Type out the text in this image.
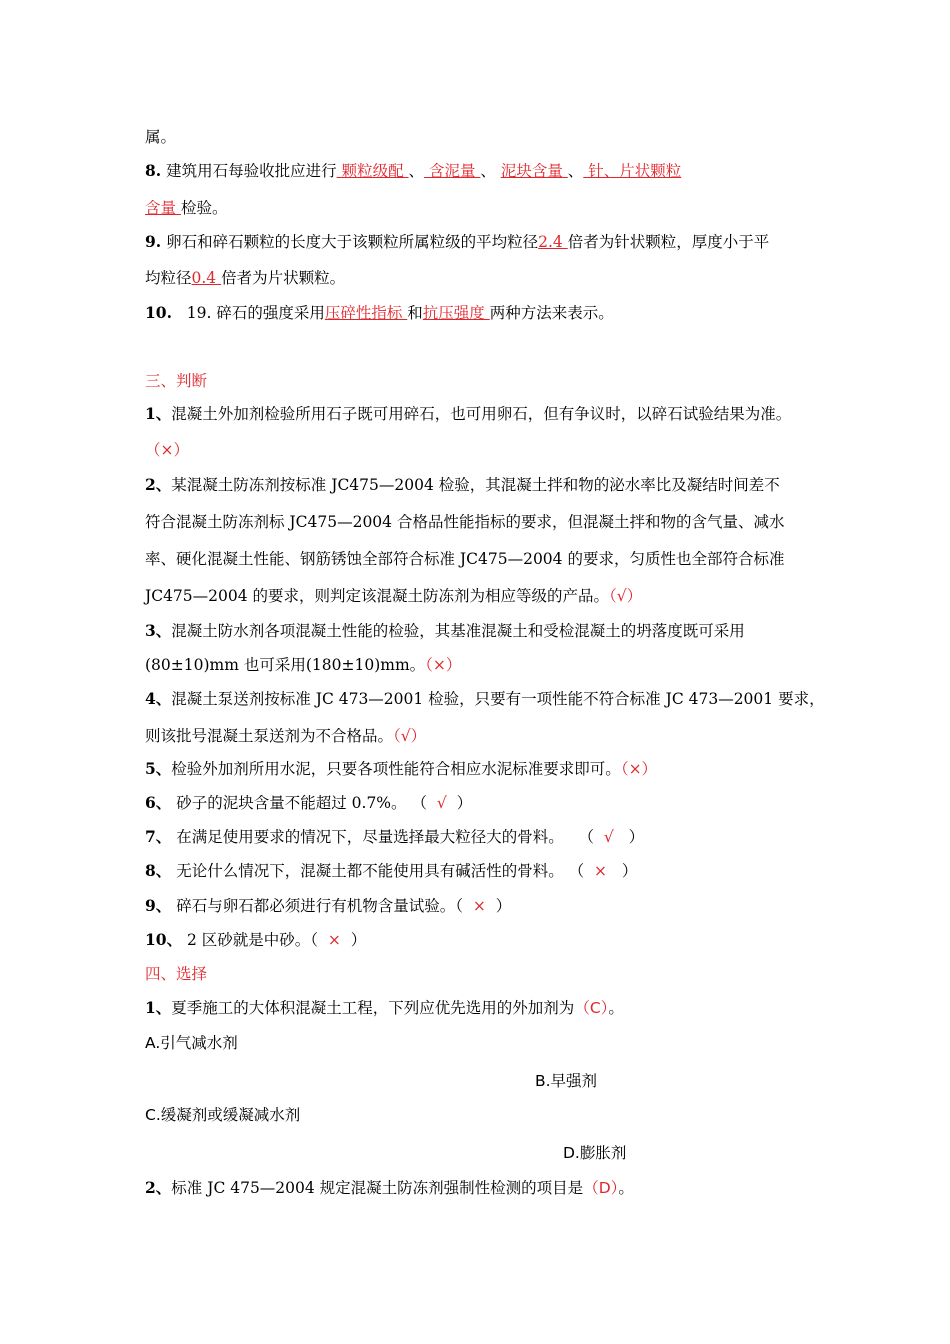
属。
8. 建筑用石每验收批应进行 颗粒级配 、 含泥量 、 泥块含量 、 针、片状颗粒
含量 检验。
9. 卵石和碎石颗粒的长度大于该颗粒所属粒级的平均粒径2.4 倍者为针状颗粒，厚度小于平
均粒径0.4 倍者为片状颗粒。
10. 19. 碎石的强度采用压碎性指标 和抗压强度 两种方法来表示。
三、判断
1、混凝土外加剂检验所用石子既可用碎石，也可用卵石，但有争议时，以碎石试验结果为准。
（×）
2、某混凝土防冻剂按标准 JC475—2004 检验，其混凝土拌和物的泌水率比及凝结时间差不
符合混凝土防冻剂标 JC475—2004 合格品性能指标的要求，但混凝土拌和物的含气量、减水
率、硬化混凝土性能、钢筋锈蚀全部符合标准 JC475—2004 的要求，匀质性也全部符合标准
JC475—2004 的要求，则判定该混凝土防冻剂为相应等级的产品。（√）
3、混凝土防水剂各项混凝土性能的检验，其基准混凝土和受检混凝土的坍落度既可采用
(80±10)mm 也可采用(180±10)mm。（×）
4、混凝土泵送剂按标准 JC 473—2001 检验，只要有一项性能不符合标准 JC 473—2001 要求，
则该批号混凝土泵送剂为不合格品。（√）
5、检验外加剂所用水泥，只要各项性能符合相应水泥标准要求即可。（×）
6、 砂子的泥块含量不能超过 0.7%。 （ √ ）
7、 在满足使用要求的情况下，尽量选择最大粒径大的骨料。 （ √ ）
8、 无论什么情况下，混凝土都不能使用具有碱活性的骨料。 （ × ）
9、 碎石与卵石都必须进行有机物含量试验。（ × ）
10、 2 区砂就是中砂。（ × ）
四、选择
1、夏季施工的大体积混凝土工程，下列应优先选用的外加剂为（C）。
A.引气减水剂
B.早强剂
C.缓凝剂或缓凝减水剂
D.膨胀剂
2、标准 JC 475—2004 规定混凝土防冻剂强制性检测的项目是（D）。
